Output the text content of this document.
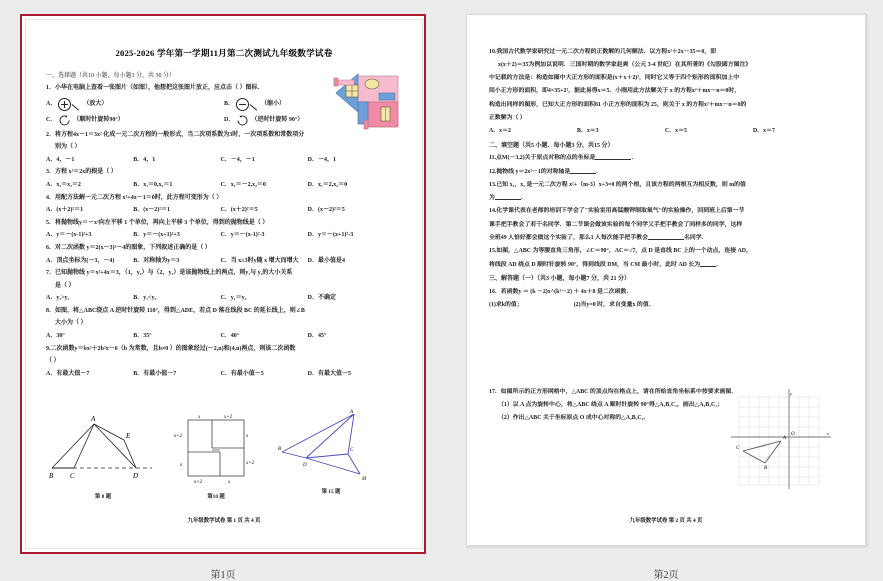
2025-2026 学年第一学期11月第二次测试九年级数学试卷
一、选择题（共10 小题，每小题3 分，共 30 分）
1．小华在电脑上查看一张图片（如图），他想把这张图片放正，应点击（ ）图标．
A．	（放大）	B．	（缩小）
C．	（顺时针旋转90°）	D．	（逆时针旋转 90°）
2．将方程4x－1＝3x² 化成一元二次方程的一般形式，当二次项系数为3时，一次项系数和常数项分
别为（ ）
A．4，－1	B．4，1	C．－4，－1	D．－4，1
3．方程 x²＝2x的根是（ ）
A．x₁＝x₂＝2	B．x₁＝0,x₂＝1	C．x₁＝－2,x₂＝0	D．x₁＝2,x₂＝0
4．用配方法解一元二次方程 x²+4x－1＝0时，此方程可变形为（ ）
A．(x＋2)²＝1	B．(x－2)²＝1	C．(x＋2)²＝5	D．(x－2)²＝5
5．将抛物线y＝－x²向左平移 1 个单位，再向上平移 3 个单位，得到的抛物线是（ ）
A．y＝－(x-1)²+3	B．y＝－(x+1)²+3	C．y＝－(x-1)²-3	D．y＝－(x+1)²-3
6．对二次函数 y＝2(x－3)²－4的图象，下列叙述正确的是（ ）
A．顶点坐标为(－3，－4)	B．对称轴为y＝3	C．当 x≥3时y随 x 增大而增大	D．最小值是4
7．已知抛物线 y＝x²+4x＝3，（1，y₁）与（2，y₂）是该抛物线上的两点，则y₁与 y₂的大小关系
是（ ）
A．y₁>y₂	B．y₁<y₂	C．y₁＝y₂	D．不确定
8．如图，将△ABC绕点 A 逆时针旋转 110°，得到△ADE，若点 D 落在线段 BC 的延长线上，则∠B
大小为（ ）
A．30°	B．35°	C．40°	D．45°
9.二次函数y＝bx²＋2b²x－6（b 为常数，且b≠0 ）的图象经过(－2,n)和(4,n)两点，则该二次函数
（ ）
A．有最大值－7	B．有最小值－7	C．有最小值－5	D．有最大值－5
A
E
B C	D
第 8 题
x	x+2
x+2	x
x	x+2
x+2	x
第10 题
A
B
D
C
M
第 15 题
九年级数学试卷 第 1 页 共 4 页
第1页
10.我国古代数学家研究过一元二次方程的正数解的几何解法．以方程x²＋2x－35＝0，即
x(x＋2)＝35为例加以说明．三国时期的数学家赵爽（公元 3-4 世纪）在其所著的《勾股圆方图注》
中记载的方法是：构造如图中大正方形的面积是(x＋x＋2)²，同时它又等于四个矩形的面积加上中
间小正方形的面积，即4×35+2²，据此易得x＝5．小刚用此方法解关于 x 的方程x²＋mx－n＝0时，
构造出同样的图形，已知大正方形的面积81 小正方形的面积为 25，则关于 x 的方程x²＋mx－n＝0的
正数解为（ ）
A．x＝2	B．x＝3	C．x＝5	D．x＝7
二、填空题（共5 小题．每小题3 分，共15 分）
11.点M(－3,2)关于原点对称的点的坐标是	．
12.抛物线 y＝2x²－1的对称轴是	．
13.已知 x₁，x₂ 是一元二次方程 x²+（m-3）x+3=0 的两个根，且该方程的两根互为相反数，则 m的值
为	．
14.化学课代表在老师的培训下学会了"实验室用高锰酸钾制取氧气"的实验操作，回到班上后第一节
课手把手教会了若干名同学．第二节课会做该实验的每个同学又手把手教会了同样多的同学，这样
全班49 人恰好都会做这个实验了，那么1 人每次能手把手教会	名同学．
15.如图，△ABC 为等腰直角三角形，∠C＝90°，AC＝√7，点 D 是直线 BC 上的一个动点，连接 AD，
将线段 AD 绕点 D 顺时针旋转 90°，得到线段 DM，当 CM 最小时，此时 AD 长为	．
三、解答题（一）（共3 小题，每小题7 分，共 21 分）
16．若函数y ＝ (k －2)x^(k²－2) ＋ 4x＋8 是二次函数．
(1)求k的值；	(2)当y=0 时，求自变量x 的值．
17．如图所示的正方形网格中，△ABC 的顶点均在格点上，请在所给直角坐标系中按要求画图．
（1）以 A 点为旋转中心，将△ABC 绕点 A 顺时针旋转 90°得△A₁B₁C₁，画出△A₁B₁C₁；
（2）作出△ABC 关于坐标原点 O 成中心对称的△A₂B₂C₂．
A
B
C
O
y
x
九年级数学试卷 第 2 页 共 4 页
第2页
